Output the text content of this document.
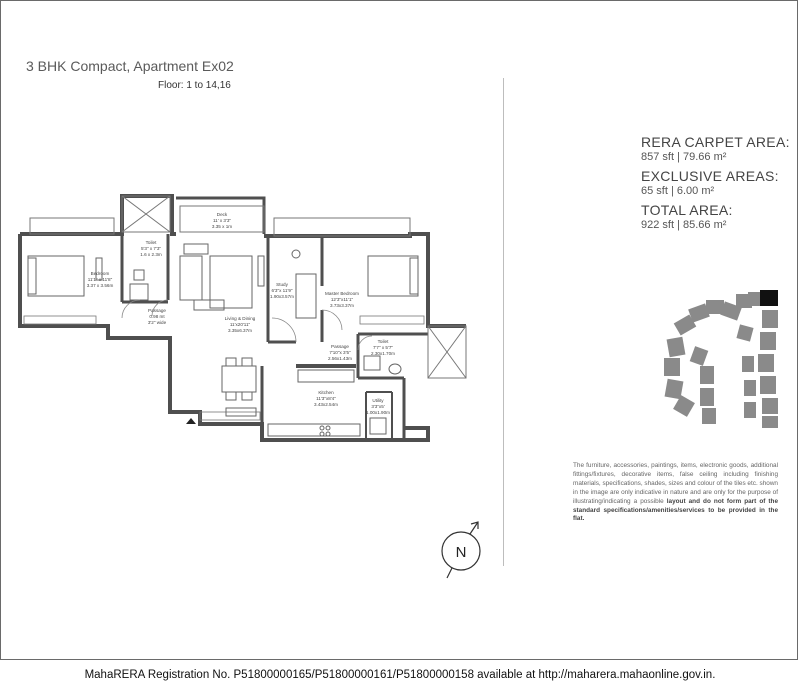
3 BHK Compact, Apartment Ex02
Floor: 1 to 14,16
Deck
11' x 3'3"
3.35 x 1m
Toilet
5'3" x 7'3"
1.6 x 2.3m
Bedroom
11'1" x 11'8"
3.37 x 3.56m
Passage
0.98 mt
3'2" wide
Living & Dining
11'x20'11"
3.35x6.37m
Study
6'3"x 11'9"
1.90x3.57m
Master Bedroom
12'3"x11'1"
3.73x3.37m
Passage
7'10"x 3'5"
2.56x1.43m
Toilet
7'7" x 5'7"
2.30x1.70m
Kitchen
11'3"x8'4"
3.43x2.54m
Utility
3'3"x5'
1.00x1.90m
N
RERA CARPET AREA:
857 sft | 79.66 m²
EXCLUSIVE AREAS:
65 sft | 6.00 m²
TOTAL AREA:
922 sft | 85.66 m²
The furniture, accessories, paintings, items, electronic goods, additional fittings/fixtures, decorative items, false ceiling including finishing materials, specifications, shades, sizes and colour of the tiles etc. shown in the image are only indicative in nature and are only for the purpose of illustrating/indicating a possible layout and do not form part of the standard specifications/amenities/services to be provided in the flat.
MahaRERA Registration No. P51800000165/P51800000161/P51800000158 available at http://maharera.mahaonline.gov.in.
